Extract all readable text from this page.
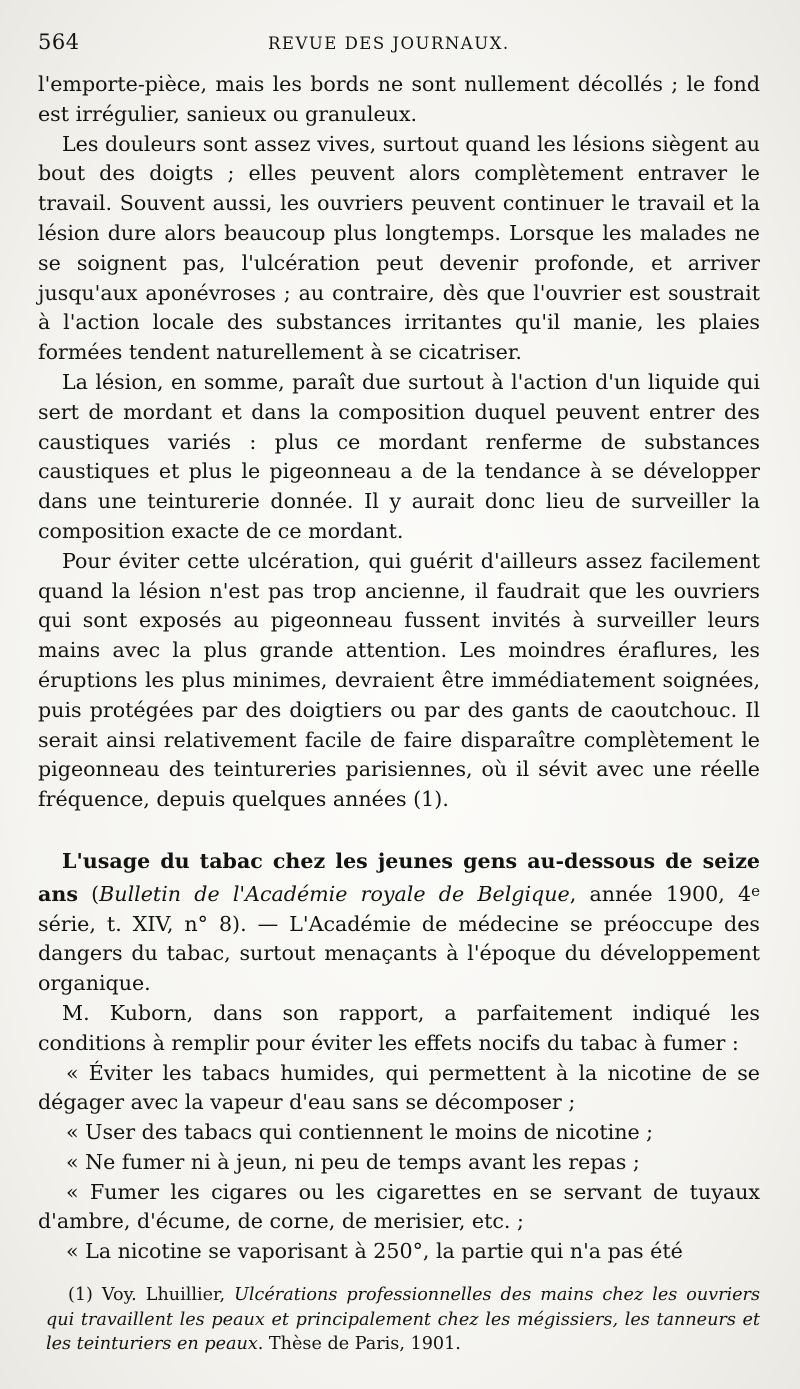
564	REVUE DES JOURNAUX.

l'emporte-pièce, mais les bords ne sont nullement décollés ; le fond est irrégulier, sanieux ou granuleux.

Les douleurs sont assez vives, surtout quand les lésions siègent au bout des doigts ; elles peuvent alors complètement entraver le travail. Souvent aussi, les ouvriers peuvent continuer le travail et la lésion dure alors beaucoup plus longtemps. Lorsque les malades ne se soignent pas, l'ulcération peut devenir profonde, et arriver jusqu'aux aponévroses ; au contraire, dès que l'ouvrier est soustrait à l'action locale des substances irritantes qu'il manie, les plaies formées tendent naturellement à se cicatriser.

La lésion, en somme, paraît due surtout à l'action d'un liquide qui sert de mordant et dans la composition duquel peuvent entrer des caustiques variés : plus ce mordant renferme de substances caustiques et plus le pigeonneau a de la tendance à se développer dans une teinturerie donnée. Il y aurait donc lieu de surveiller la composition exacte de ce mordant.

Pour éviter cette ulcération, qui guérit d'ailleurs assez facilement quand la lésion n'est pas trop ancienne, il faudrait que les ouvriers qui sont exposés au pigeonneau fussent invités à surveiller leurs mains avec la plus grande attention. Les moindres éraflures, les éruptions les plus minimes, devraient être immédiatement soignées, puis protégées par des doigtiers ou par des gants de caoutchouc. Il serait ainsi relativement facile de faire disparaître complètement le pigeonneau des teintureries parisiennes, où il sévit avec une réelle fréquence, depuis quelques années (1).

L'usage du tabac chez les jeunes gens au-dessous de seize ans (Bulletin de l'Académie royale de Belgique, année 1900, 4e série, t. XIV, n° 8). — L'Académie de médecine se préoccupe des dangers du tabac, surtout menaçants à l'époque du développement organique.

M. Kuborn, dans son rapport, a parfaitement indiqué les conditions à remplir pour éviter les effets nocifs du tabac à fumer :

« Éviter les tabacs humides, qui permettent à la nicotine de se dégager avec la vapeur d'eau sans se décomposer ;

« User des tabacs qui contiennent le moins de nicotine ;

« Ne fumer ni à jeun, ni peu de temps avant les repas ;

« Fumer les cigares ou les cigarettes en se servant de tuyaux d'ambre, d'écume, de corne, de merisier, etc. ;

« La nicotine se vaporisant à 250°, la partie qui n'a pas été

(1) Voy. Lhuillier, Ulcérations professionnelles des mains chez les ouvriers qui travaillent les peaux et principalement chez les mégissiers, les tanneurs et les teinturiers en peaux. Thèse de Paris, 1901.
